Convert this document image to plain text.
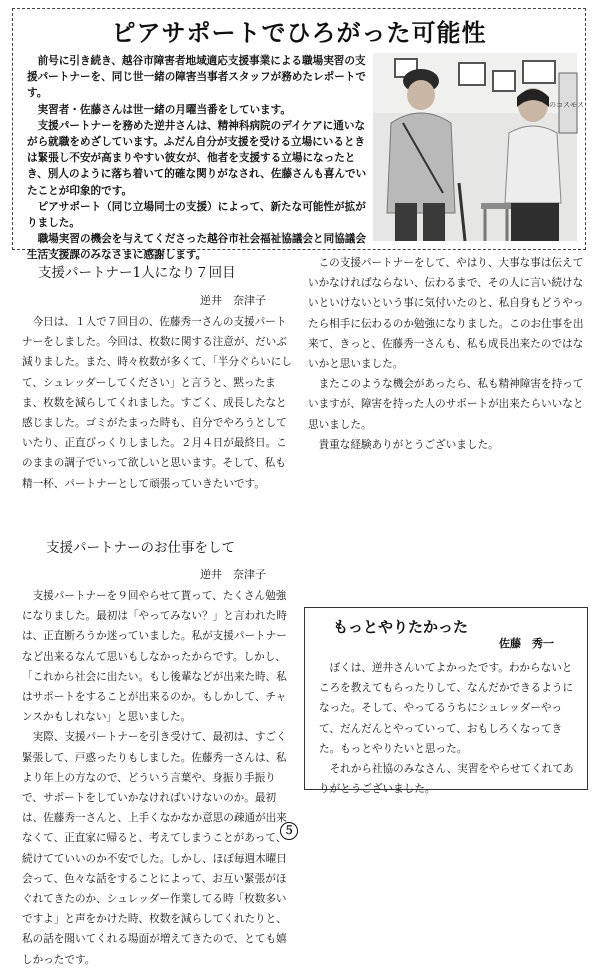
ピアサポートでひろがった可能性

　前号に引き続き、越谷市障害者地域適応支援事業による職場実習の支援パートナーを、同じ世一緒の障害当事者スタッフが務めたレポートです。

　実習者・佐藤さんは世一緒の月曜当番をしています。

　支援パートナーを務めた逆井さんは、精神科病院のデイケアに通いながら就職をめざしています。ふだん自分が支援を受ける立場にいるときは緊張し不安が高まりやすい彼女が、他者を支援する立場になったとき、別人のように落ち着いて的確な関りがなされ、佐藤さんも喜んでいたことが印象的です。

　ピアサポート（同じ立場同士の支援）によって、新たな可能性が拡がりました。

　職場実習の機会を与えてくださった越谷市社会福祉協議会と同協議会生活支援課のみなさまに感謝します。

のコスモス
支援パートナー1人になり７回目
逆井　奈津子

　今日は、１人で７回目の、佐藤秀一さんの支援パートナーをしました。今回は、枚数に関する注意が、だいぶ減りました。また、時々枚数が多くて、「半分ぐらいにして、シュレッダーしてください」と言うと、黙ったまま、枚数を減らしてくれました。すごく、成長したなと感じました。ゴミがたまった時も、自分でやろうとしていたり、正直びっくりしました。２月４日が最終日。このままの調子でいって欲しいと思います。そして、私も精一杯、パートナーとして頑張っていきたいです。

支援パートナーのお仕事をして
逆井　奈津子

　支援パートナーを９回やらせて貰って、たくさん勉強になりました。最初は「やってみない？」と言われた時は、正直断ろうか迷っていました。私が支援パートナーなど出来るなんて思いもしなかったからです。しかし、「これから社会に出たい。もし後輩などが出来た時、私はサポートをすることが出来るのか。もしかして、チャンスかもしれない」と思いました。

　実際、支援パートナーを引き受けて、最初は、すごく緊張して、戸惑ったりもしました。佐藤秀一さんは、私より年上の方なので、どういう言葉や、身振り手振りで、サポートをしていかなければいけないのか。最初は、佐藤秀一さんと、上手くなかなか意思の疎通が出来なくて、正直家に帰ると、考えてしまうことがあって、続けてていいのか不安でした。しかし、ほぼ毎週木曜日会って、色々な話をすることによって、お互い緊張がほぐれてきたのか、シュレッダー作業してる時「枚数多いですよ」と声をかけた時、枚数を減らしてくれたりと、私の話を聞いてくれる場面が増えてきたので、とても嬉しかったです。

　この支援パートナーをして、やはり、大事な事は伝えていかなければならない、伝わるまで、その人に言い続けないといけないという事に気付いたのと、私自身もどうやったら相手に伝わるのか勉強になりました。このお仕事を出来て、きっと、佐藤秀一さんも、私も成長出来たのではないかと思いました。

　またこのような機会があったら、私も精神障害を持っていますが、障害を持った人のサポートが出来たらいいなと思いました。

　貴重な経験ありがとうございました。

もっとやりたかった
佐藤　秀一

　ぼくは、逆井さんいてよかったです。わからないところを教えてもらったりして、なんだかできるようになった。そして、やってるうちにシュレッダーやって、だんだんとやっていって、おもしろくなってきた。もっとやりたいと思った。

　それから社協のみなさん、実習をやらせてくれてありがとうございました。

５
